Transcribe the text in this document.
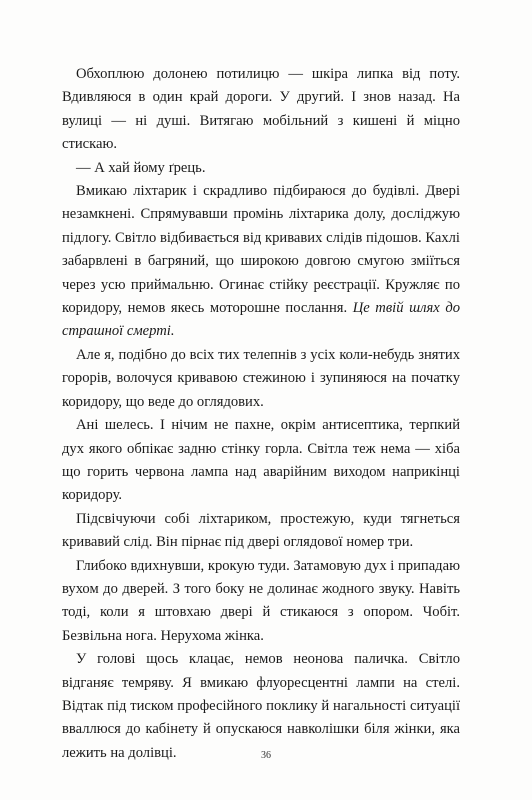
Обхоплюю долонею потилицю — шкіра липка від поту. Вдивляюся в один край дороги. У другий. І знов назад. На вулиці — ні душі. Витягаю мобільний з кишені й міцно стискаю.

— А хай йому ґрець.

Вмикаю ліхтарик і скрадливо підбираюся до будівлі. Двері незамкнені. Спрямувавши промінь ліхтарика долу, досліджую підлогу. Світло відбивається від кривавих слідів підошов. Кахлі забарвлені в багряний, що широкою довгою смугою зміїться через усю приймальню. Огинає стійку реєстрації. Кружляє по коридору, немов якесь моторошне послання. Це твій шлях до страшної смерті.

Але я, подібно до всіх тих телепнів з усіх коли-небудь знятих горорів, волочуся кривавою стежиною і зупиняюся на початку коридору, що веде до оглядових.

Ані шелесь. І нічим не пахне, окрім антисептика, терпкий дух якого обпікає задню стінку горла. Світла теж нема — хіба що горить червона лампа над аварійним виходом наприкінці коридору.

Підсвічуючи собі ліхтариком, простежую, куди тягнеться кривавий слід. Він пірнає під двері оглядової номер три.

Глибоко вдихнувши, крокую туди. Затамовую дух і припадаю вухом до дверей. З того боку не долинає жодного звуку. Навіть тоді, коли я штовхаю двері й стикаюся з опором. Чобіт. Безвільна нога. Нерухома жінка.

У голові щось клацає, немов неонова паличка. Світло відганяє темряву. Я вмикаю флуоресцентні лампи на стелі. Відтак під тиском професійного поклику й нагальності ситуації вваллюся до кабінету й опускаюся навколішки біля жінки, яка лежить на долівці.	36
